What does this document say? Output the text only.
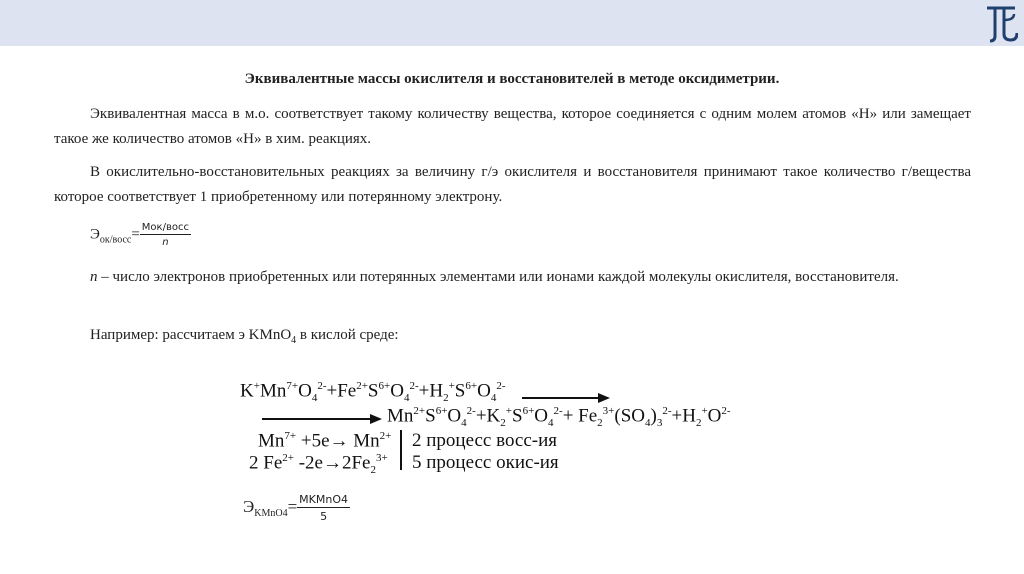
Эквивалентные массы окислителя и восстановителей в методе оксидиметрии.
Эквивалентная масса в м.о. соответствует такому количеству вещества, которое соединяется с одним молем атомов «H» или замещает такое же количество атомов «H» в хим. реакциях.
В окислительно-восстановительных реакциях за величину г/э окислителя и восстановителя принимают такое количество г/вещества которое соответствует 1 приобретенному или потерянному электрону.
$Э_{ок/восс}= \frac{\text{Мок/восс}}{n}$
n – число электронов приобретенных или потерянных элементами или ионами каждой молекулы окислителя, восстановителя.
Например: рассчитаем э KMnO$_4$ в кислой среде:
$K^+Mn^{7+}O_4^{2-}+Fe^{2+}S^{6+}O_4^{2-}+H_2^+S^{6+}O_4^{2-}$
$Mn^{2+}S^{6+}O_4^{2-}+K_2^+S^{6+}O_4^{2-}+ Fe_2^{3+}(SO_4)_3^{2-}+H_2^+O^{2-}$
$Mn^{7+} +5e\to Mn^{2+}$ 2 процесс восс-ия
2 $Fe^{2+}$ $-2e\to 2Fe_2^{3+}$ 5 процесс окис-ия
$Э_{KMnO4}= \frac{\text{MKMnO4}}{5}$
